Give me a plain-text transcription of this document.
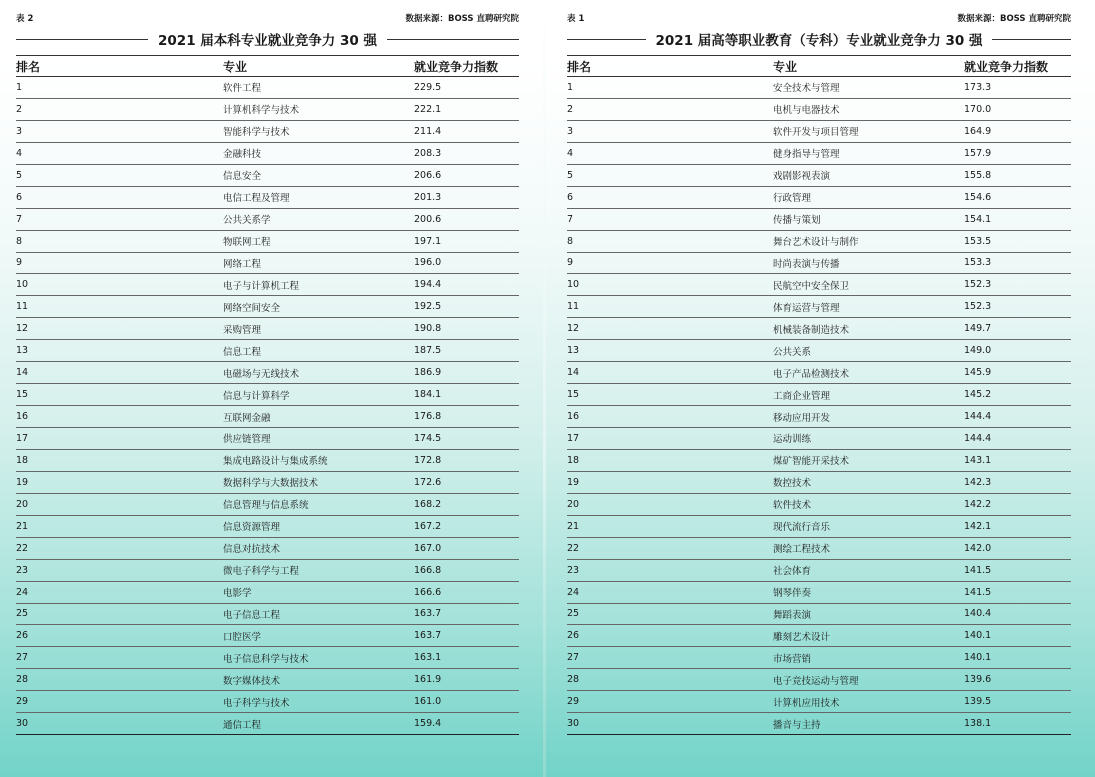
表 2	数据来源：BOSS 直聘研究院
2021 届本科专业就业竞争力 30 强
排名	专业	就业竞争力指数
1	软件工程	229.5
2	计算机科学与技术	222.1
3	智能科学与技术	211.4
4	金融科技	208.3
5	信息安全	206.6
6	电信工程及管理	201.3
7	公共关系学	200.6
8	物联网工程	197.1
9	网络工程	196.0
10	电子与计算机工程	194.4
11	网络空间安全	192.5
12	采购管理	190.8
13	信息工程	187.5
14	电磁场与无线技术	186.9
15	信息与计算科学	184.1
16	互联网金融	176.8
17	供应链管理	174.5
18	集成电路设计与集成系统	172.8
19	数据科学与大数据技术	172.6
20	信息管理与信息系统	168.2
21	信息资源管理	167.2
22	信息对抗技术	167.0
23	微电子科学与工程	166.8
24	电影学	166.6
25	电子信息工程	163.7
26	口腔医学	163.7
27	电子信息科学与技术	163.1
28	数字媒体技术	161.9
29	电子科学与技术	161.0
30	通信工程	159.4
表 1	数据来源：BOSS 直聘研究院
2021 届高等职业教育（专科）专业就业竞争力 30 强
排名	专业	就业竞争力指数
1	安全技术与管理	173.3
2	电机与电器技术	170.0
3	软件开发与项目管理	164.9
4	健身指导与管理	157.9
5	戏剧影视表演	155.8
6	行政管理	154.6
7	传播与策划	154.1
8	舞台艺术设计与制作	153.5
9	时尚表演与传播	153.3
10	民航空中安全保卫	152.3
11	体育运营与管理	152.3
12	机械装备制造技术	149.7
13	公共关系	149.0
14	电子产品检测技术	145.9
15	工商企业管理	145.2
16	移动应用开发	144.4
17	运动训练	144.4
18	煤矿智能开采技术	143.1
19	数控技术	142.3
20	软件技术	142.2
21	现代流行音乐	142.1
22	测绘工程技术	142.0
23	社会体育	141.5
24	钢琴伴奏	141.5
25	舞蹈表演	140.4
26	雕刻艺术设计	140.1
27	市场营销	140.1
28	电子竞技运动与管理	139.6
29	计算机应用技术	139.5
30	播音与主持	138.1
